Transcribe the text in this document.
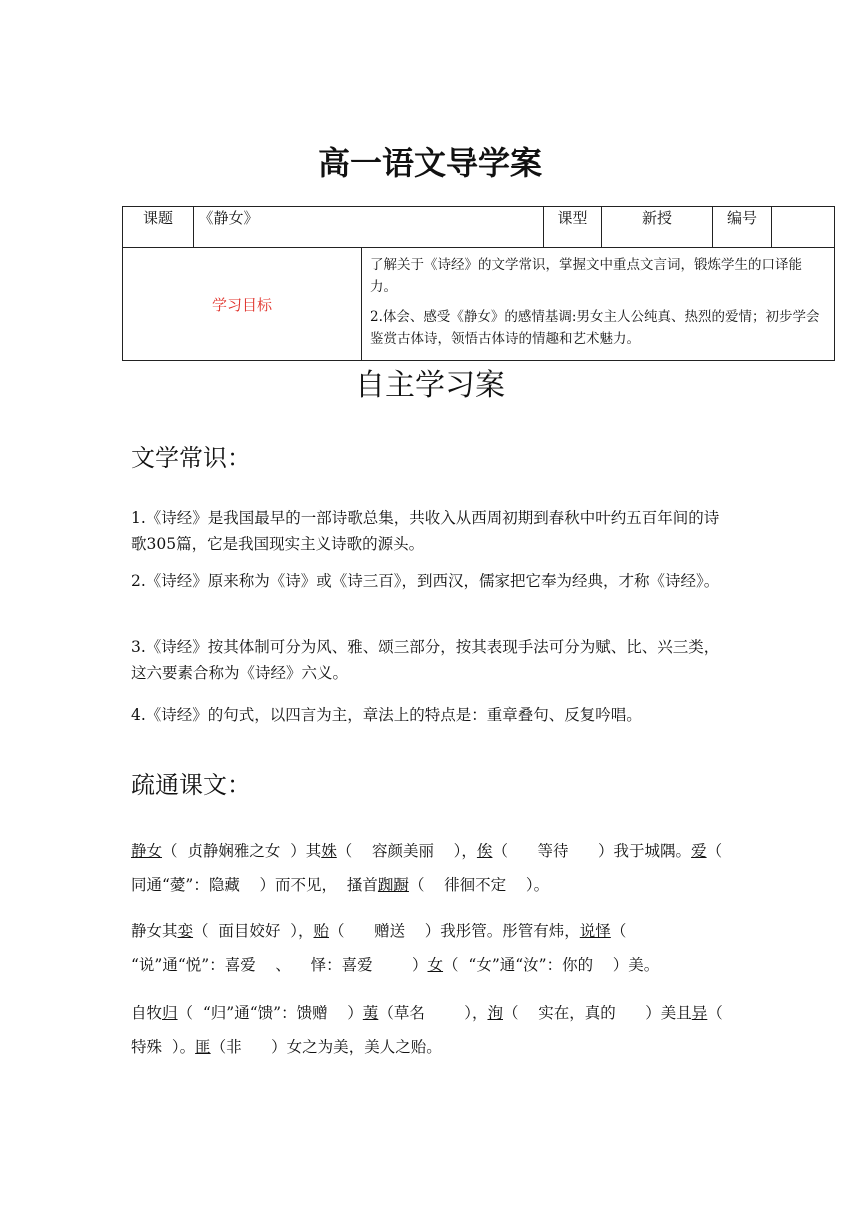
高一语文导学案
课题	《静女》		课型	新授	编号	
学习目标		了解关于《诗经》的文学常识，掌握文中重点文言词，锻炼学生的口译能力。

2.体会、感受《静女》的感情基调:男女主人公纯真、热烈的爱情；初步学会鉴赏古体诗，领悟古体诗的情趣和艺术魅力。				

自主学习案
文学常识：
1.《诗经》是我国最早的一部诗歌总集，共收入从西周初期到春秋中叶约五百年间的诗歌305篇，它是我国现实主义诗歌的源头。
2.《诗经》原来称为《诗》或《诗三百》，到西汉，儒家把它奉为经典，才称《诗经》。
3.《诗经》按其体制可分为风、雅、颂三部分，按其表现手法可分为赋、比、兴三类，这六要素合称为《诗经》六义。
4.《诗经》的句式，以四言为主，章法上的特点是：重章叠句、反复吟唱。
疏通课文：
静女（  贞静娴雅之女  ）其姝（    容颜美丽    ），俟（      等待      ）我于城隅。爱（  同通“薆”：隐藏    ）而不见，  搔首踟蹰（    徘徊不定    ）。
静女其娈（  面目姣好  ），贻（      赠送    ）我彤管。彤管有炜，说怿（    “说”通“悦”：喜爱    、    怿：喜爱        ）女（  “女”通“汝”：你的    ）美。
自牧归（  “归”通“馈”：馈赠    ）荑（草名        ），洵（    实在，真的      ）美且异（    特殊  ）。匪（非      ）女之为美，美人之贻。
